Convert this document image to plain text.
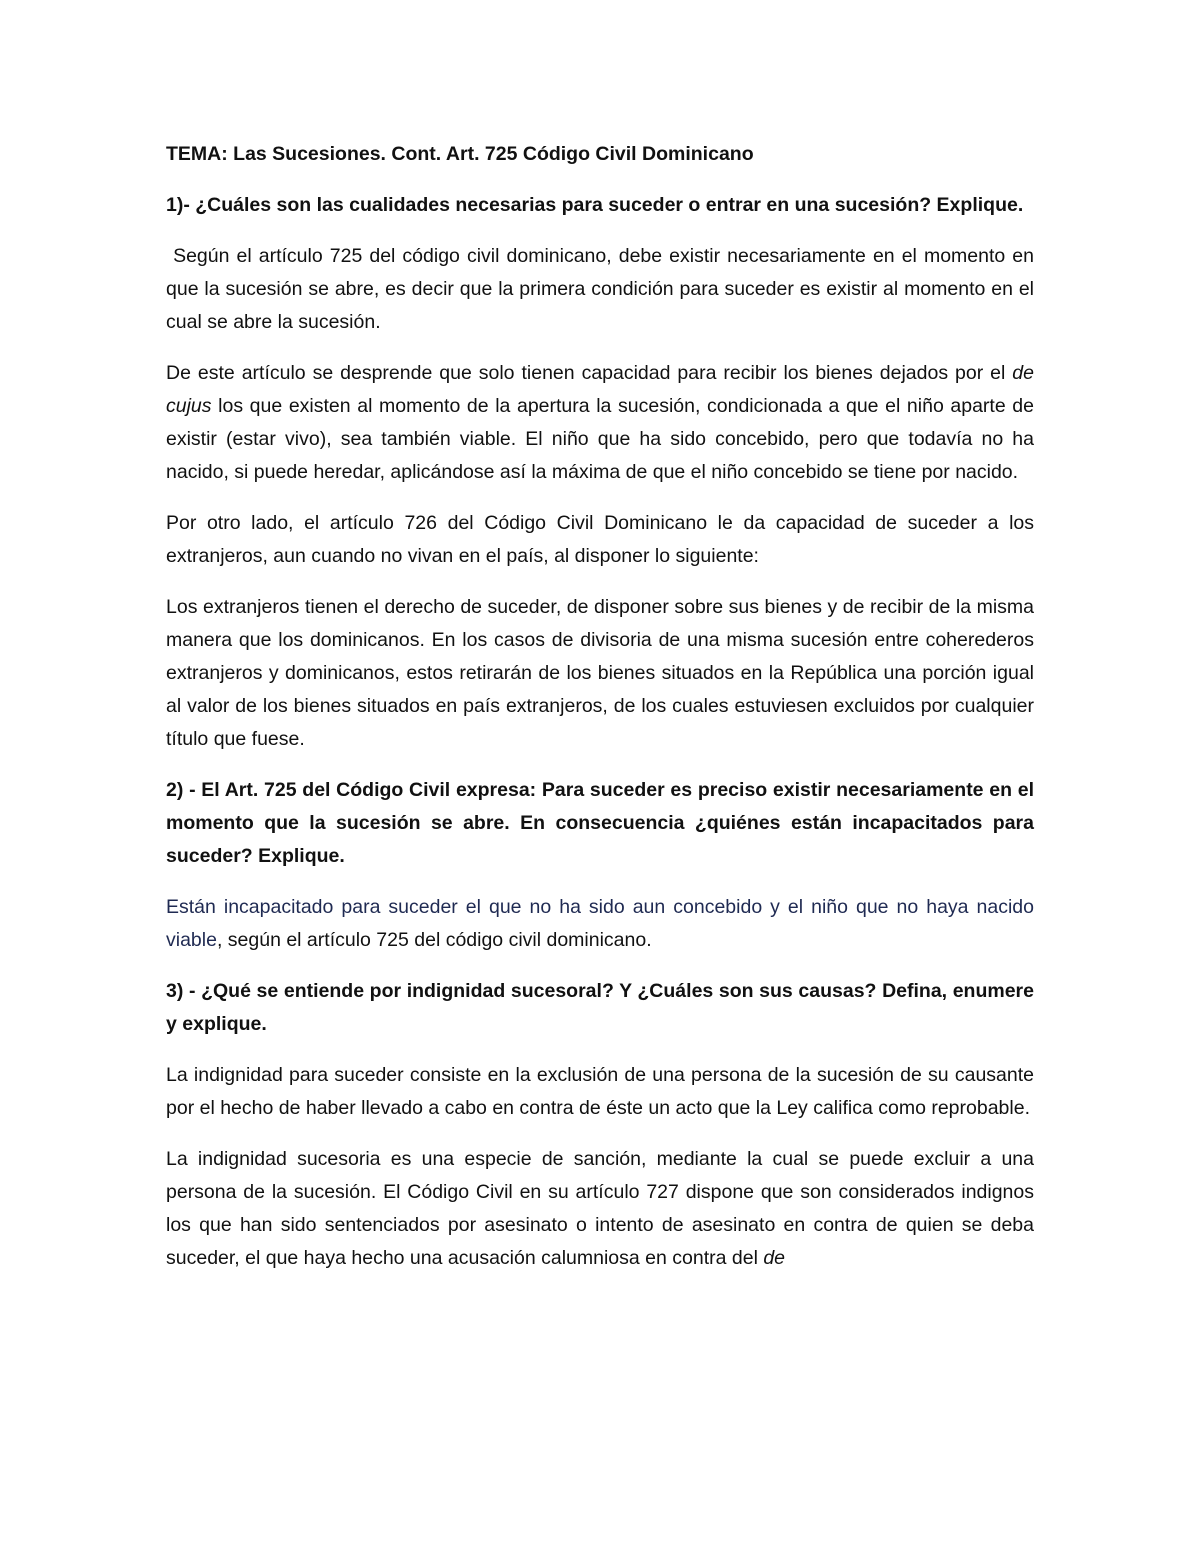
TEMA: Las Sucesiones. Cont. Art. 725 Código Civil Dominicano

1)- ¿Cuáles son las cualidades necesarias para suceder o entrar en una sucesión? Explique.

Según el artículo 725 del código civil dominicano, debe existir necesariamente en el momento en que la sucesión se abre, es decir que la primera condición para suceder es existir al momento en el cual se abre la sucesión.

De este artículo se desprende que solo tienen capacidad para recibir los bienes dejados por el de cujus los que existen al momento de la apertura la sucesión, condicionada a que el niño aparte de existir (estar vivo), sea también viable. El niño que ha sido concebido, pero que todavía no ha nacido, si puede heredar, aplicándose así la máxima de que el niño concebido se tiene por nacido.

Por otro lado, el artículo 726 del Código Civil Dominicano le da capacidad de suceder a los extranjeros, aun cuando no vivan en el país, al disponer lo siguiente:

Los extranjeros tienen el derecho de suceder, de disponer sobre sus bienes y de recibir de la misma manera que los dominicanos. En los casos de divisoria de una misma sucesión entre coherederos extranjeros y dominicanos, estos retirarán de los bienes situados en la República una porción igual al valor de los bienes situados en país extranjeros, de los cuales estuviesen excluidos por cualquier título que fuese.

2) - El Art. 725 del Código Civil expresa: Para suceder es preciso existir necesariamente en el momento que la sucesión se abre. En consecuencia ¿quiénes están incapacitados para suceder? Explique.

Están incapacitado para suceder el que no ha sido aun concebido y el niño que no haya nacido viable, según el artículo 725 del código civil dominicano.

3) - ¿Qué se entiende por indignidad sucesoral? Y ¿Cuáles son sus causas? Defina, enumere y explique.

La indignidad para suceder consiste en la exclusión de una persona de la sucesión de su causante por el hecho de haber llevado a cabo en contra de éste un acto que la Ley califica como reprobable.

La indignidad sucesoria es una especie de sanción, mediante la cual se puede excluir a una persona de la sucesión. El Código Civil en su artículo 727 dispone que son considerados indignos los que han sido sentenciados por asesinato o intento de asesinato en contra de quien se deba suceder, el que haya hecho una acusación calumniosa en contra del de
